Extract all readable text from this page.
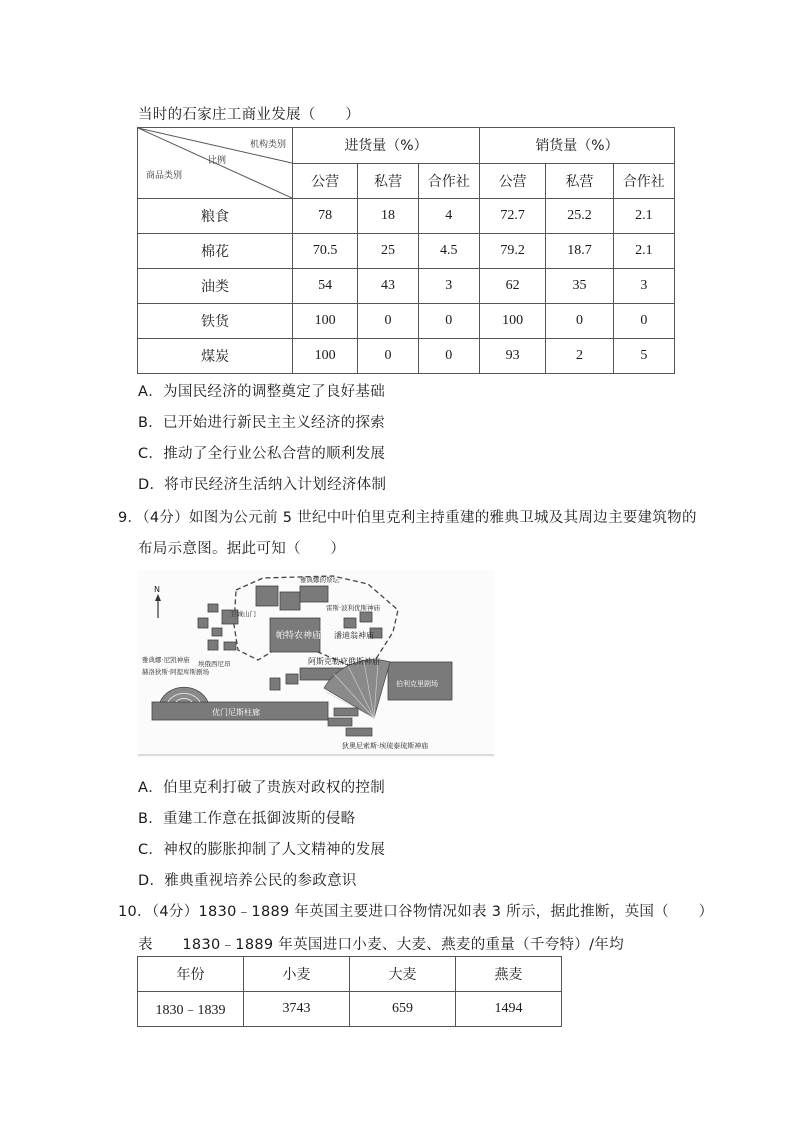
当时的石家庄工商业发展（　　）
机构类别
比例
商品类别	进货量（%）			销货量（%）		
	公营	私营	合作社	公营	私营	合作社
粮食	78	18	4	72.7	25.2	2.1
棉花	70.5	25	4.5	79.2	18.7	2.1
油类	54	43	3	62	35	3
铁货	100	0	0	100	0	0
煤炭	100	0	0	93	2	5
A．为国民经济的调整奠定了良好基础
B．已开始进行新民主主义经济的探索
C．推动了全行业公私合营的顺利发展
D．将市民经济生活纳入计划经济体制
9．（4分）如图为公元前 5 世纪中叶伯里克利主持重建的雅典卫城及其周边主要建筑物的
布局示意图。据此可知（　　）
N
雅典娜的祭坛
雷斯·波利优斯神庙
卫城山门
帕特农神庙 潘迪翁神庙
雅典娜·尼凯神庙 埃俄西尼昂
赫洛狄斯·阿提库斯剧场
阿斯克勒庇俄斯神庙
优门尼斯柱廊
伯利克里剧场
狄奥尼索斯·埃琉泰琉斯神庙
A．伯里克利打破了贵族对政权的控制
B．重建工作意在抵御波斯的侵略
C．神权的膨胀抑制了人文精神的发展
D．雅典重视培养公民的参政意识
10．（4分）1830﹣1889 年英国主要进口谷物情况如表 3 所示，据此推断，英国（　　）
表　　1830﹣1889 年英国进口小麦、大麦、燕麦的重量（千夸特）/年均
年份	小麦	大麦	燕麦
1830﹣1839	3743	659	1494
